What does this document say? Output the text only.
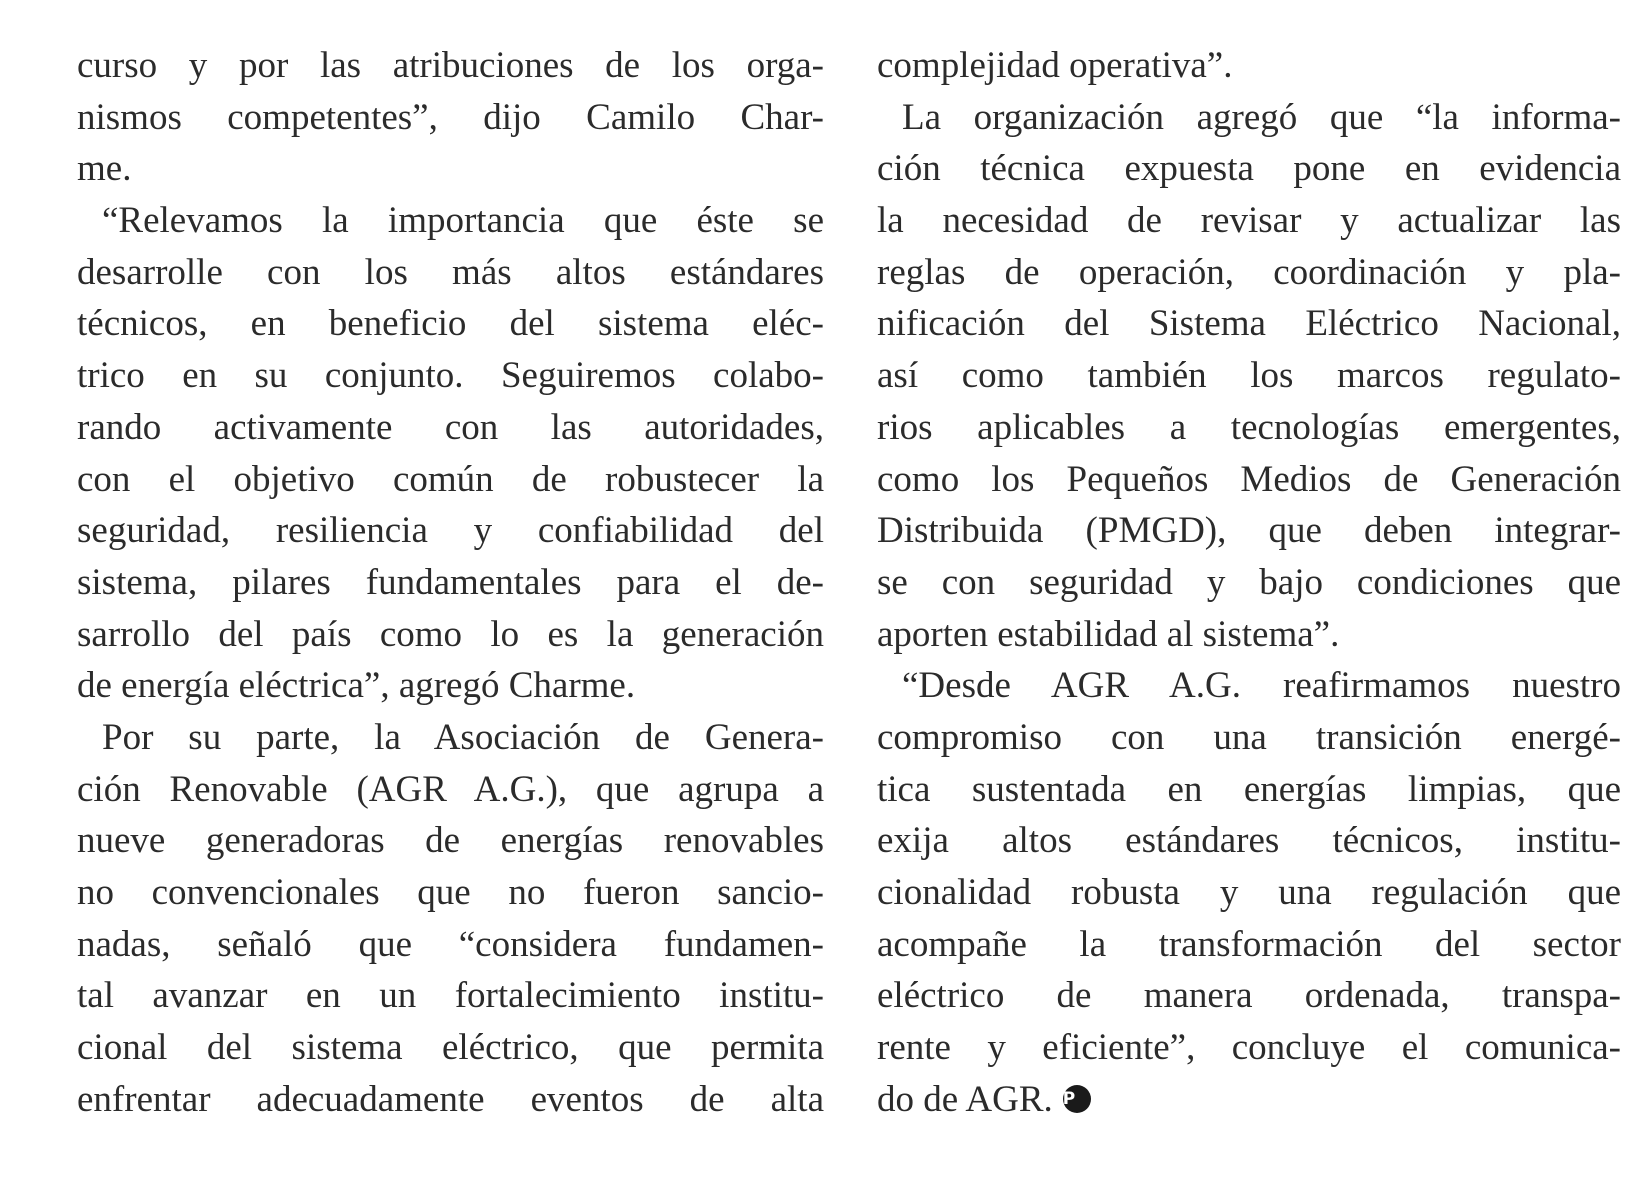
curso y por las atribuciones de los orga-
nismos competentes”, dijo Camilo Char-
me.
“Relevamos la importancia que éste se
desarrolle con los más altos estándares
técnicos, en beneficio del sistema eléc-
trico en su conjunto. Seguiremos colabo-
rando activamente con las autoridades,
con el objetivo común de robustecer la
seguridad, resiliencia y confiabilidad del
sistema, pilares fundamentales para el de-
sarrollo del país como lo es la generación
de energía eléctrica”, agregó Charme.
Por su parte, la Asociación de Genera-
ción Renovable (AGR A.G.), que agrupa a
nueve generadoras de energías renovables
no convencionales que no fueron sancio-
nadas, señaló que “considera fundamen-
tal avanzar en un fortalecimiento institu-
cional del sistema eléctrico, que permita
enfrentar adecuadamente eventos de alta
complejidad operativa”.
La organización agregó que “la informa-
ción técnica expuesta pone en evidencia
la necesidad de revisar y actualizar las
reglas de operación, coordinación y pla-
nificación del Sistema Eléctrico Nacional,
así como también los marcos regulato-
rios aplicables a tecnologías emergentes,
como los Pequeños Medios de Generación
Distribuida (PMGD), que deben integrar-
se con seguridad y bajo condiciones que
aporten estabilidad al sistema”.
“Desde AGR A.G. reafirmamos nuestro
compromiso con una transición energé-
tica sustentada en energías limpias, que
exija altos estándares técnicos, institu-
cionalidad robusta y una regulación que
acompañe la transformación del sector
eléctrico de manera ordenada, transpa-
rente y eficiente”, concluye el comunica-
do de AGR. P
